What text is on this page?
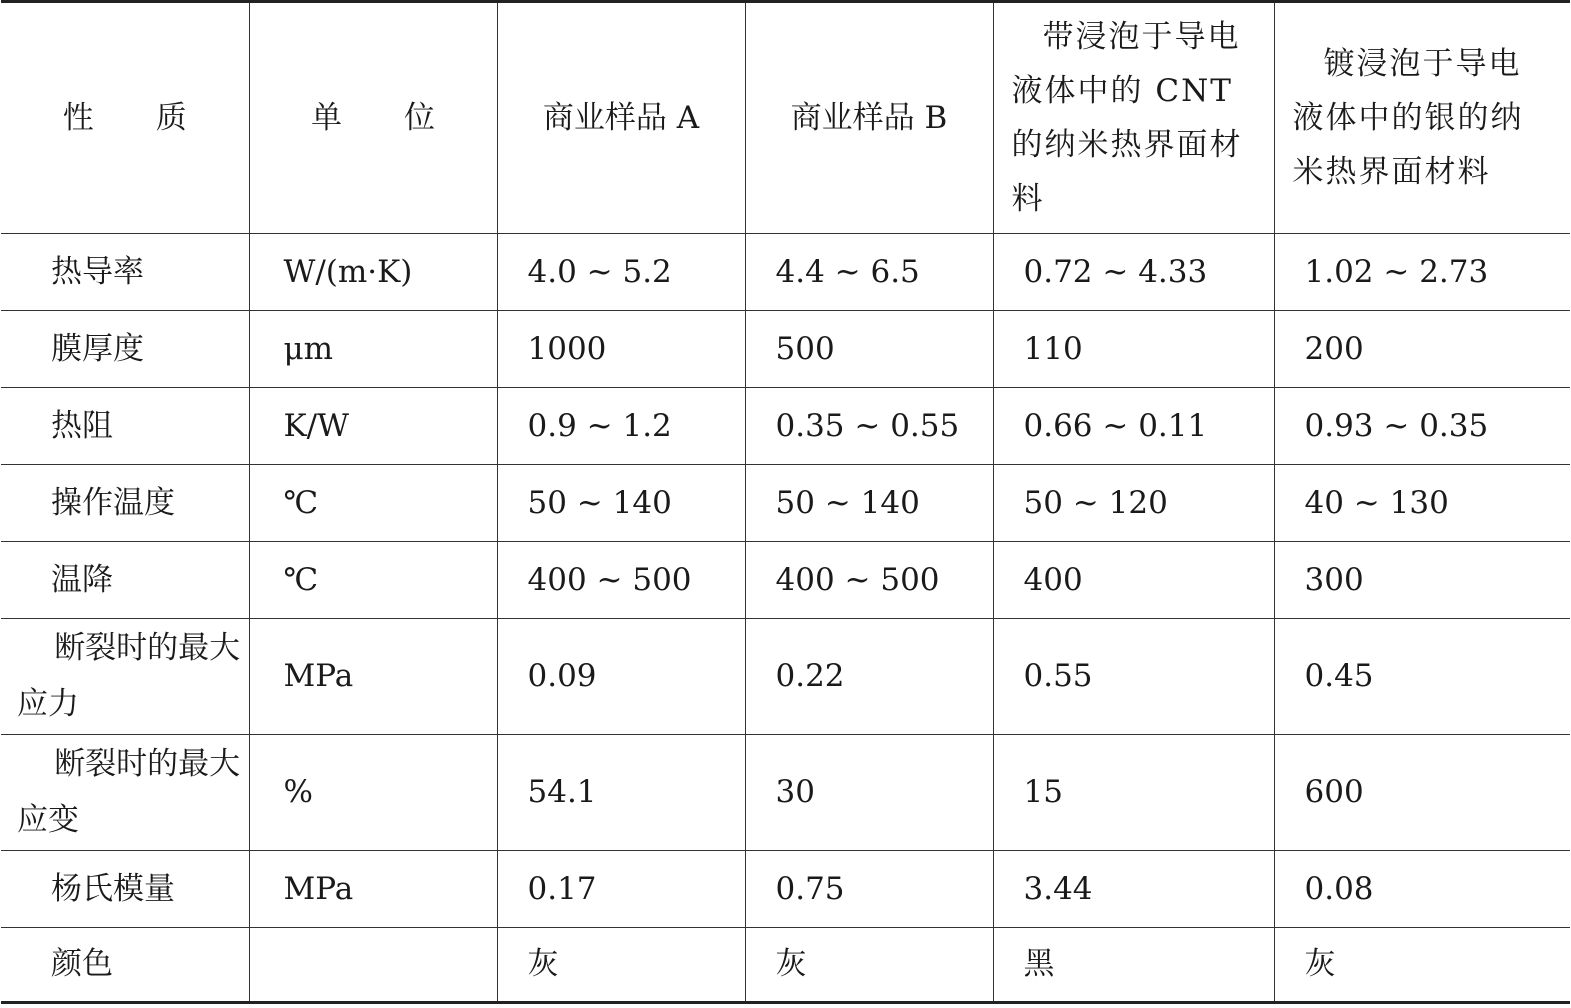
性　　质	单　　位	商业样品 A	商业样品 B	带浸泡于导电液体中的 CNT 的纳米热界面材料	镀浸泡于导电液体中的银的纳米热界面材料
热导率	W/(m·K)	4.0 ~ 5.2	4.4 ~ 6.5	0.72 ~ 4.33	1.02 ~ 2.73
膜厚度	μm	1000	500	110	200
热阻	K/W	0.9 ~ 1.2	0.35 ~ 0.55	0.66 ~ 0.11	0.93 ~ 0.35
操作温度	℃	50 ~ 140	50 ~ 140	50 ~ 120	40 ~ 130
温降	℃	400 ~ 500	400 ~ 500	400	300
断裂时的最大应力	MPa	0.09	0.22	0.55	0.45
断裂时的最大应变	%	54.1	30	15	600
杨氏模量	MPa	0.17	0.75	3.44	0.08
颜色		灰	灰	黑	灰
